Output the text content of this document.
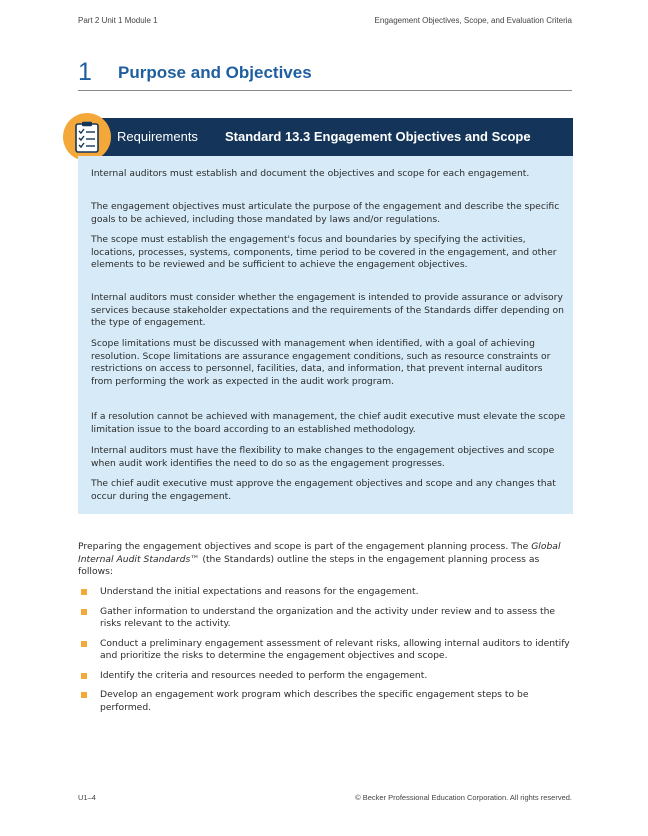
Part 2 Unit 1 Module 1	Engagement Objectives, Scope, and Evaluation Criteria
1 Purpose and Objectives
Requirements Standard 13.3 Engagement Objectives and Scope

Internal auditors must establish and document the objectives and scope for each engagement.

The engagement objectives must articulate the purpose of the engagement and describe the specific goals to be achieved, including those mandated by laws and/or regulations.

The scope must establish the engagement's focus and boundaries by specifying the activities, locations, processes, systems, components, time period to be covered in the engagement, and other elements to be reviewed and be sufficient to achieve the engagement objectives.

Internal auditors must consider whether the engagement is intended to provide assurance or advisory services because stakeholder expectations and the requirements of the Standards differ depending on the type of engagement.

Scope limitations must be discussed with management when identified, with a goal of achieving resolution. Scope limitations are assurance engagement conditions, such as resource constraints or restrictions on access to personnel, facilities, data, and information, that prevent internal auditors from performing the work as expected in the audit work program.

If a resolution cannot be achieved with management, the chief audit executive must elevate the scope limitation issue to the board according to an established methodology.

Internal auditors must have the flexibility to make changes to the engagement objectives and scope when audit work identifies the need to do so as the engagement progresses.

The chief audit executive must approve the engagement objectives and scope and any changes that occur during the engagement.

Preparing the engagement objectives and scope is part of the engagement planning process. The Global Internal Audit Standards™ (the Standards) outline the steps in the engagement planning process as follows:

Understand the initial expectations and reasons for the engagement.
Gather information to understand the organization and the activity under review and to assess the risks relevant to the activity.
Conduct a preliminary engagement assessment of relevant risks, allowing internal auditors to identify and prioritize the risks to determine the engagement objectives and scope.
Identify the criteria and resources needed to perform the engagement.
Develop an engagement work program which describes the specific engagement steps to be performed.
U1–4	© Becker Professional Education Corporation. All rights reserved.
